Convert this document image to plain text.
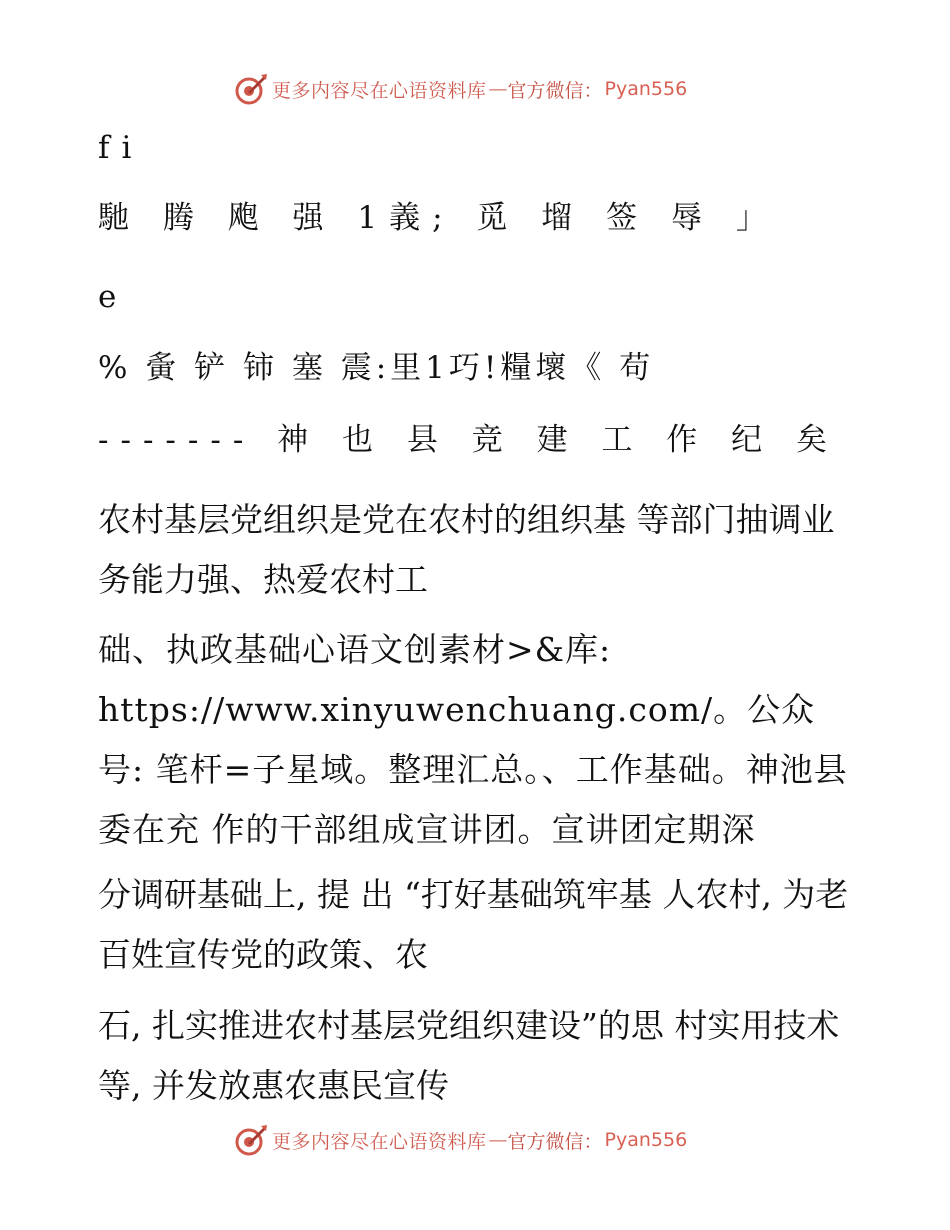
更多内容尽在心语资料库 — 官方微信： Pyan556
fi
馳 腾 飑 强 1義; 觅 塯 签 辱 」
e
% 夤 铲 铈 塞 震:里1巧!糧壞《 苟
------- 神 也 县 竞 建 工 作 纪 矣
农村基层党组织是党在农村的组织基 等部门抽调业务能力强、热爱农村工
础、执政基础心语文创素材>&库: https://www.xinyuwenchuang.com/。公众号: 笔杆=子星域。整理汇总。、工作基础。神池县委在充 作的干部组成宣讲团。宣讲团定期深
分调研基础上, 提 出 “打好基础筑牢基 人农村, 为老百姓宣传党的政策、农
石, 扎实推进农村基层党组织建设”的思 村实用技术等, 并发放惠农惠民宣传
更多内容尽在心语资料库 — 官方微信： Pyan556
